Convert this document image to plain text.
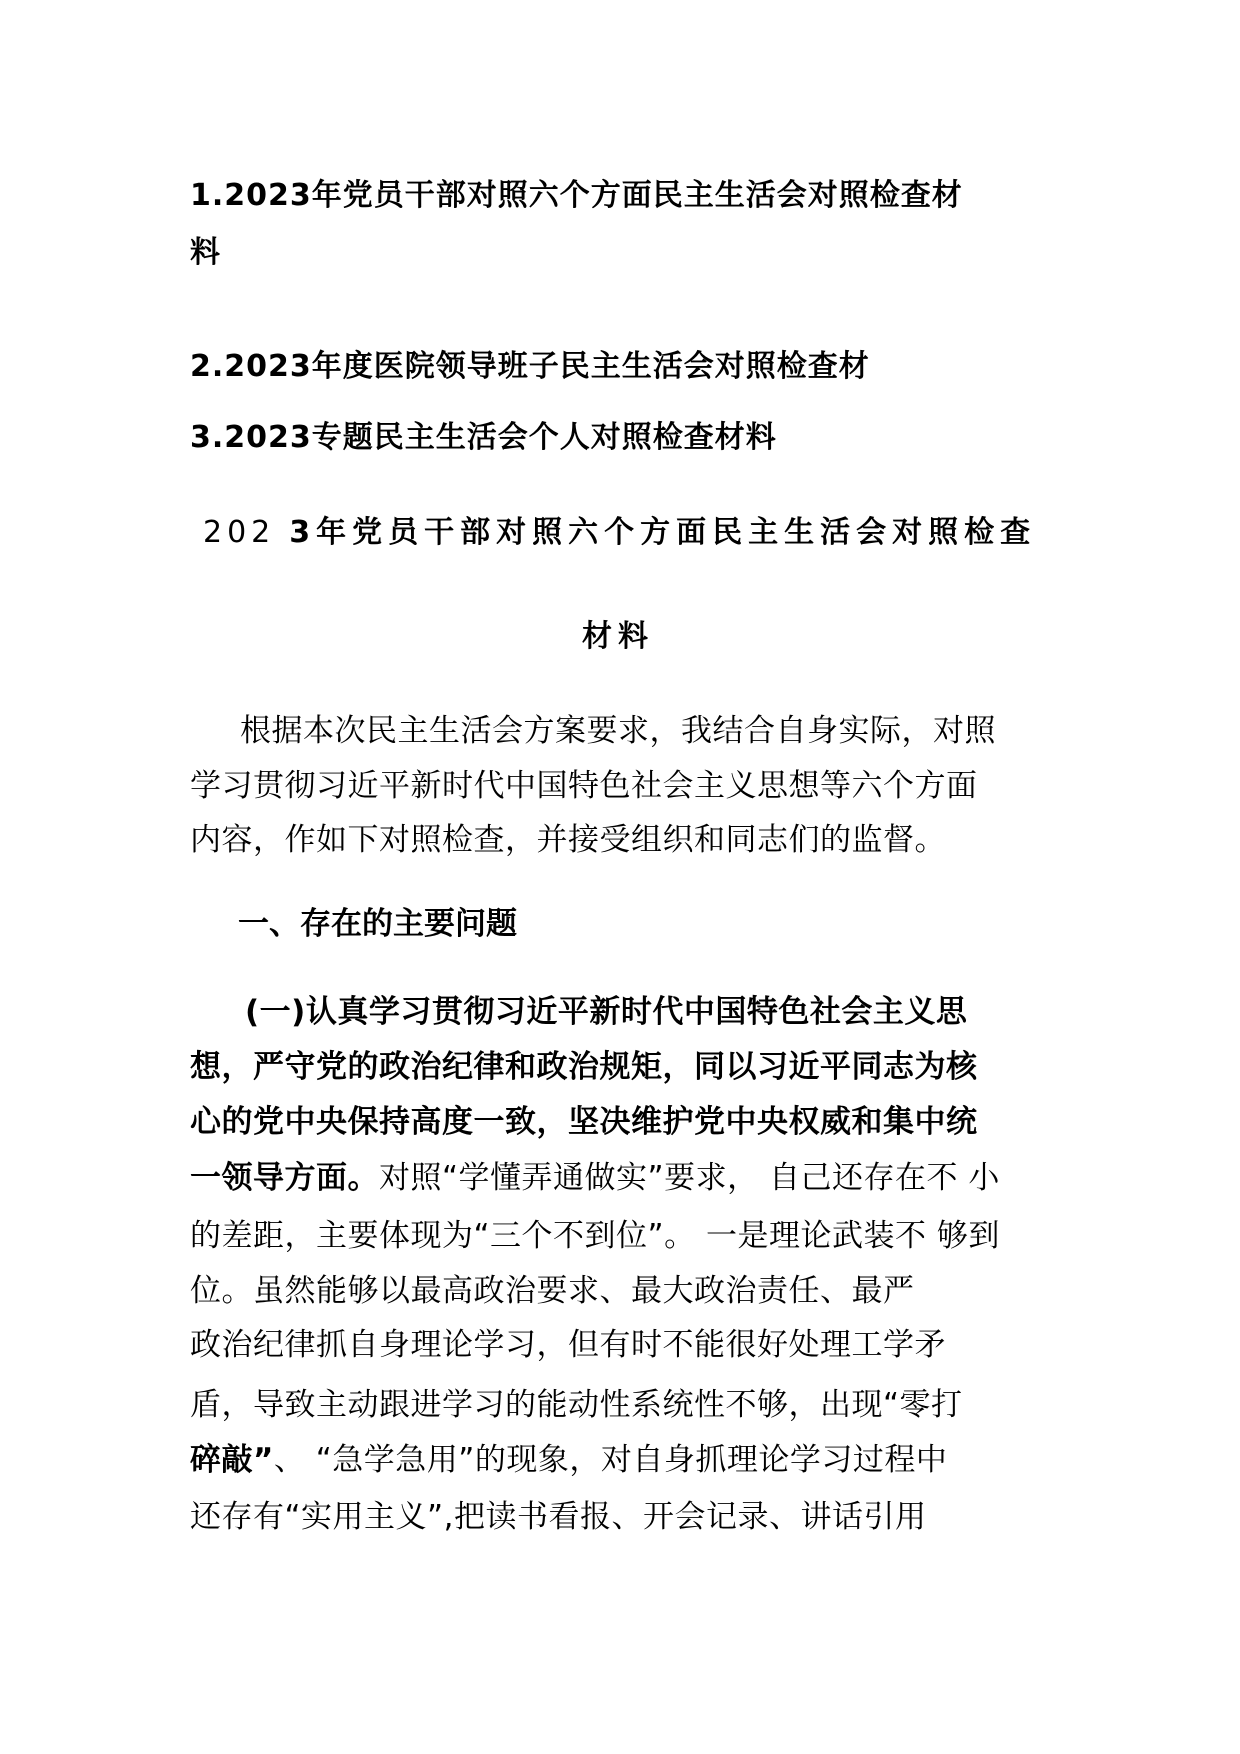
1.2023年党员干部对照六个方面民主生活会对照检查材
料
2.2023年度医院领导班子民主生活会对照检查材
3.2023专题民主生活会个人对照检查材料
202 3年党员干部对照六个方面民主生活会对照检查
材料
根据本次民主生活会方案要求，我结合自身实际，对照
学习贯彻习近平新时代中国特色社会主义思想等六个方面
内容，作如下对照检查，并接受组织和同志们的监督。
一、存在的主要问题
(一)认真学习贯彻习近平新时代中国特色社会主义思
想，严守党的政治纪律和政治规矩，同以习近平同志为核
心的党中央保持高度一致，坚决维护党中央权威和集中统
一领导方面。对照“学懂弄通做实”要求， 自己还存在不 小
的差距，主要体现为“三个不到位”。 一是理论武装不 够到
位。虽然能够以最高政治要求、最大政治责任、最严
政治纪律抓自身理论学习，但有时不能很好处理工学矛
盾，导致主动跟进学习的能动性系统性不够，出现“零打
碎敲”、 “急学急用”的现象，对自身抓理论学习过程中
还存有“实用主义”,把读书看报、开会记录、讲话引用
